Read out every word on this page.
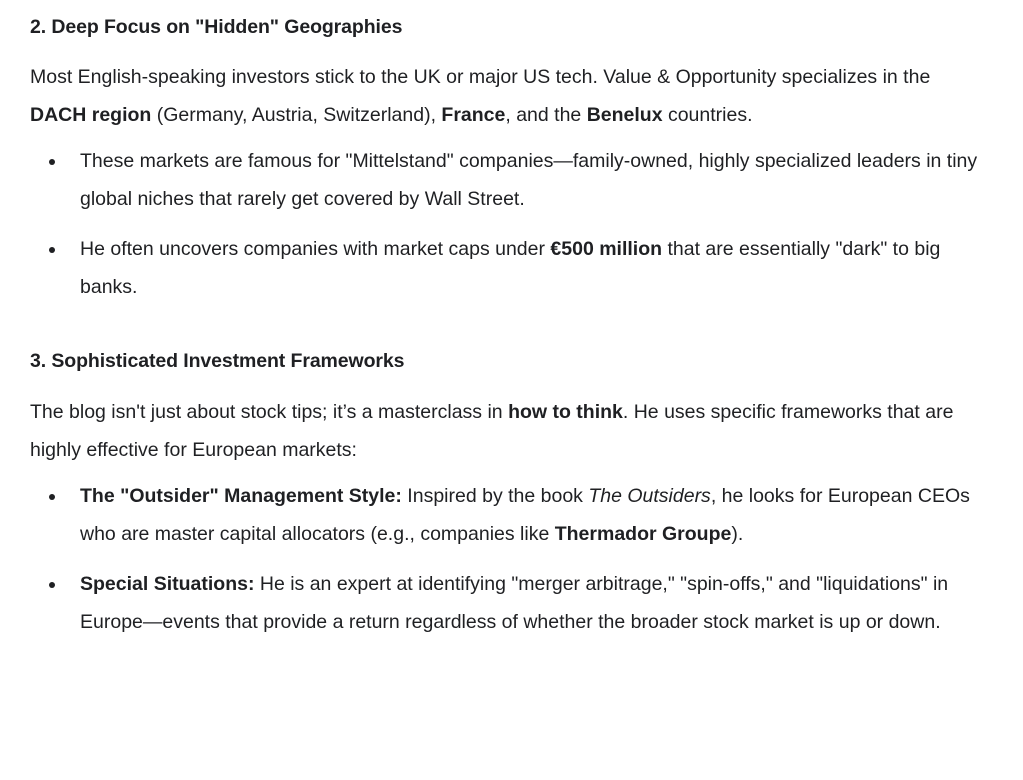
2. Deep Focus on "Hidden" Geographies

Most English-speaking investors stick to the UK or major US tech. Value & Opportunity specializes in the DACH region (Germany, Austria, Switzerland), France, and the Benelux countries.

These markets are famous for "Mittelstand" companies—family-owned, highly specialized leaders in tiny global niches that rarely get covered by Wall Street.
He often uncovers companies with market caps under €500 million that are essentially "dark" to big banks.
3. Sophisticated Investment Frameworks

The blog isn't just about stock tips; it’s a masterclass in how to think. He uses specific frameworks that are highly effective for European markets:

The "Outsider" Management Style: Inspired by the book The Outsiders, he looks for European CEOs who are master capital allocators (e.g., companies like Thermador Groupe).
Special Situations: He is an expert at identifying "merger arbitrage," "spin-offs," and "liquidations" in Europe—events that provide a return regardless of whether the broader stock market is up or down.
